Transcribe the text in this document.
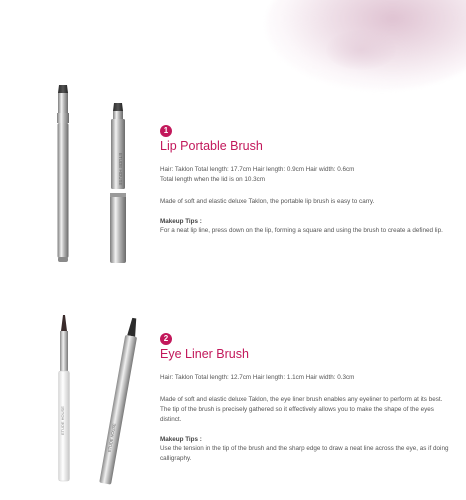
ETUDE HOUSE
1
Lip Portable Brush

Hair: Taklon Total length: 17.7cm Hair length: 0.9cm Hair width: 0.6cm

Total length when the lid is on 10.3cm

Made of soft and elastic deluxe Taklon, the portable lip brush is easy to carry.

Makeup Tips :

For a neat lip line, press down on the lip, forming a square and using the brush to create a defined lip.

ETUDE HOUSE
ETUDE HOUSE
2
Eye Liner Brush

Hair: Taklon Total length: 12.7cm Hair length: 1.1cm Hair width: 0.3cm

Made of soft and elastic deluxe Taklon, the eye liner brush enables any eyeliner to perform at its best. The tip of the brush is precisely gathered so it effectively allows you to make the shape of the eyes distinct.

Makeup Tips :

Use the tension in the tip of the brush and the sharp edge to draw a neat line across the eye, as if doing calligraphy.
